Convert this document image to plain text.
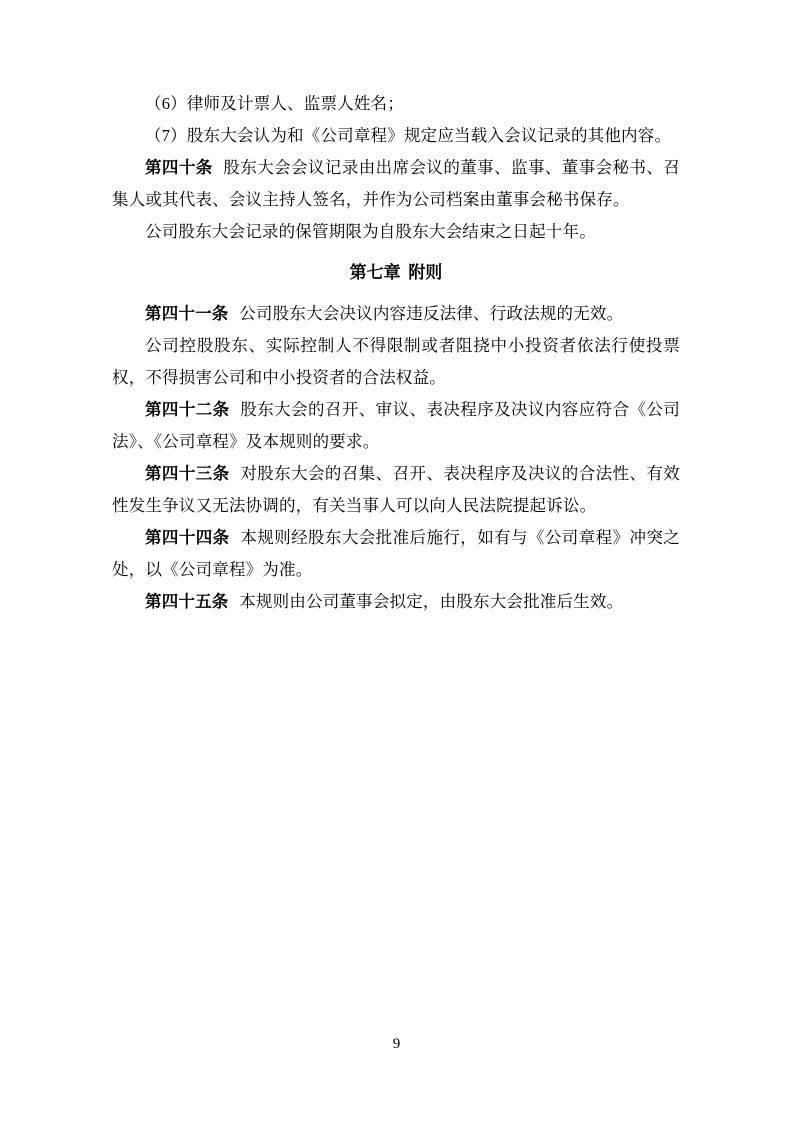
（6）律师及计票人、监票人姓名；

（7）股东大会认为和《公司章程》规定应当载入会议记录的其他内容。

第四十条 股东大会会议记录由出席会议的董事、监事、董事会秘书、召集人或其代表、会议主持人签名，并作为公司档案由董事会秘书保存。

公司股东大会记录的保管期限为自股东大会结束之日起十年。

第七章 附则

第四十一条 公司股东大会决议内容违反法律、行政法规的无效。

公司控股股东、实际控制人不得限制或者阻挠中小投资者依法行使投票权，不得损害公司和中小投资者的合法权益。

第四十二条 股东大会的召开、审议、表决程序及决议内容应符合《公司法》、《公司章程》及本规则的要求。

第四十三条 对股东大会的召集、召开、表决程序及决议的合法性、有效性发生争议又无法协调的，有关当事人可以向人民法院提起诉讼。

第四十四条 本规则经股东大会批准后施行，如有与《公司章程》冲突之处，以《公司章程》为准。

第四十五条 本规则由公司董事会拟定，由股东大会批准后生效。

9
